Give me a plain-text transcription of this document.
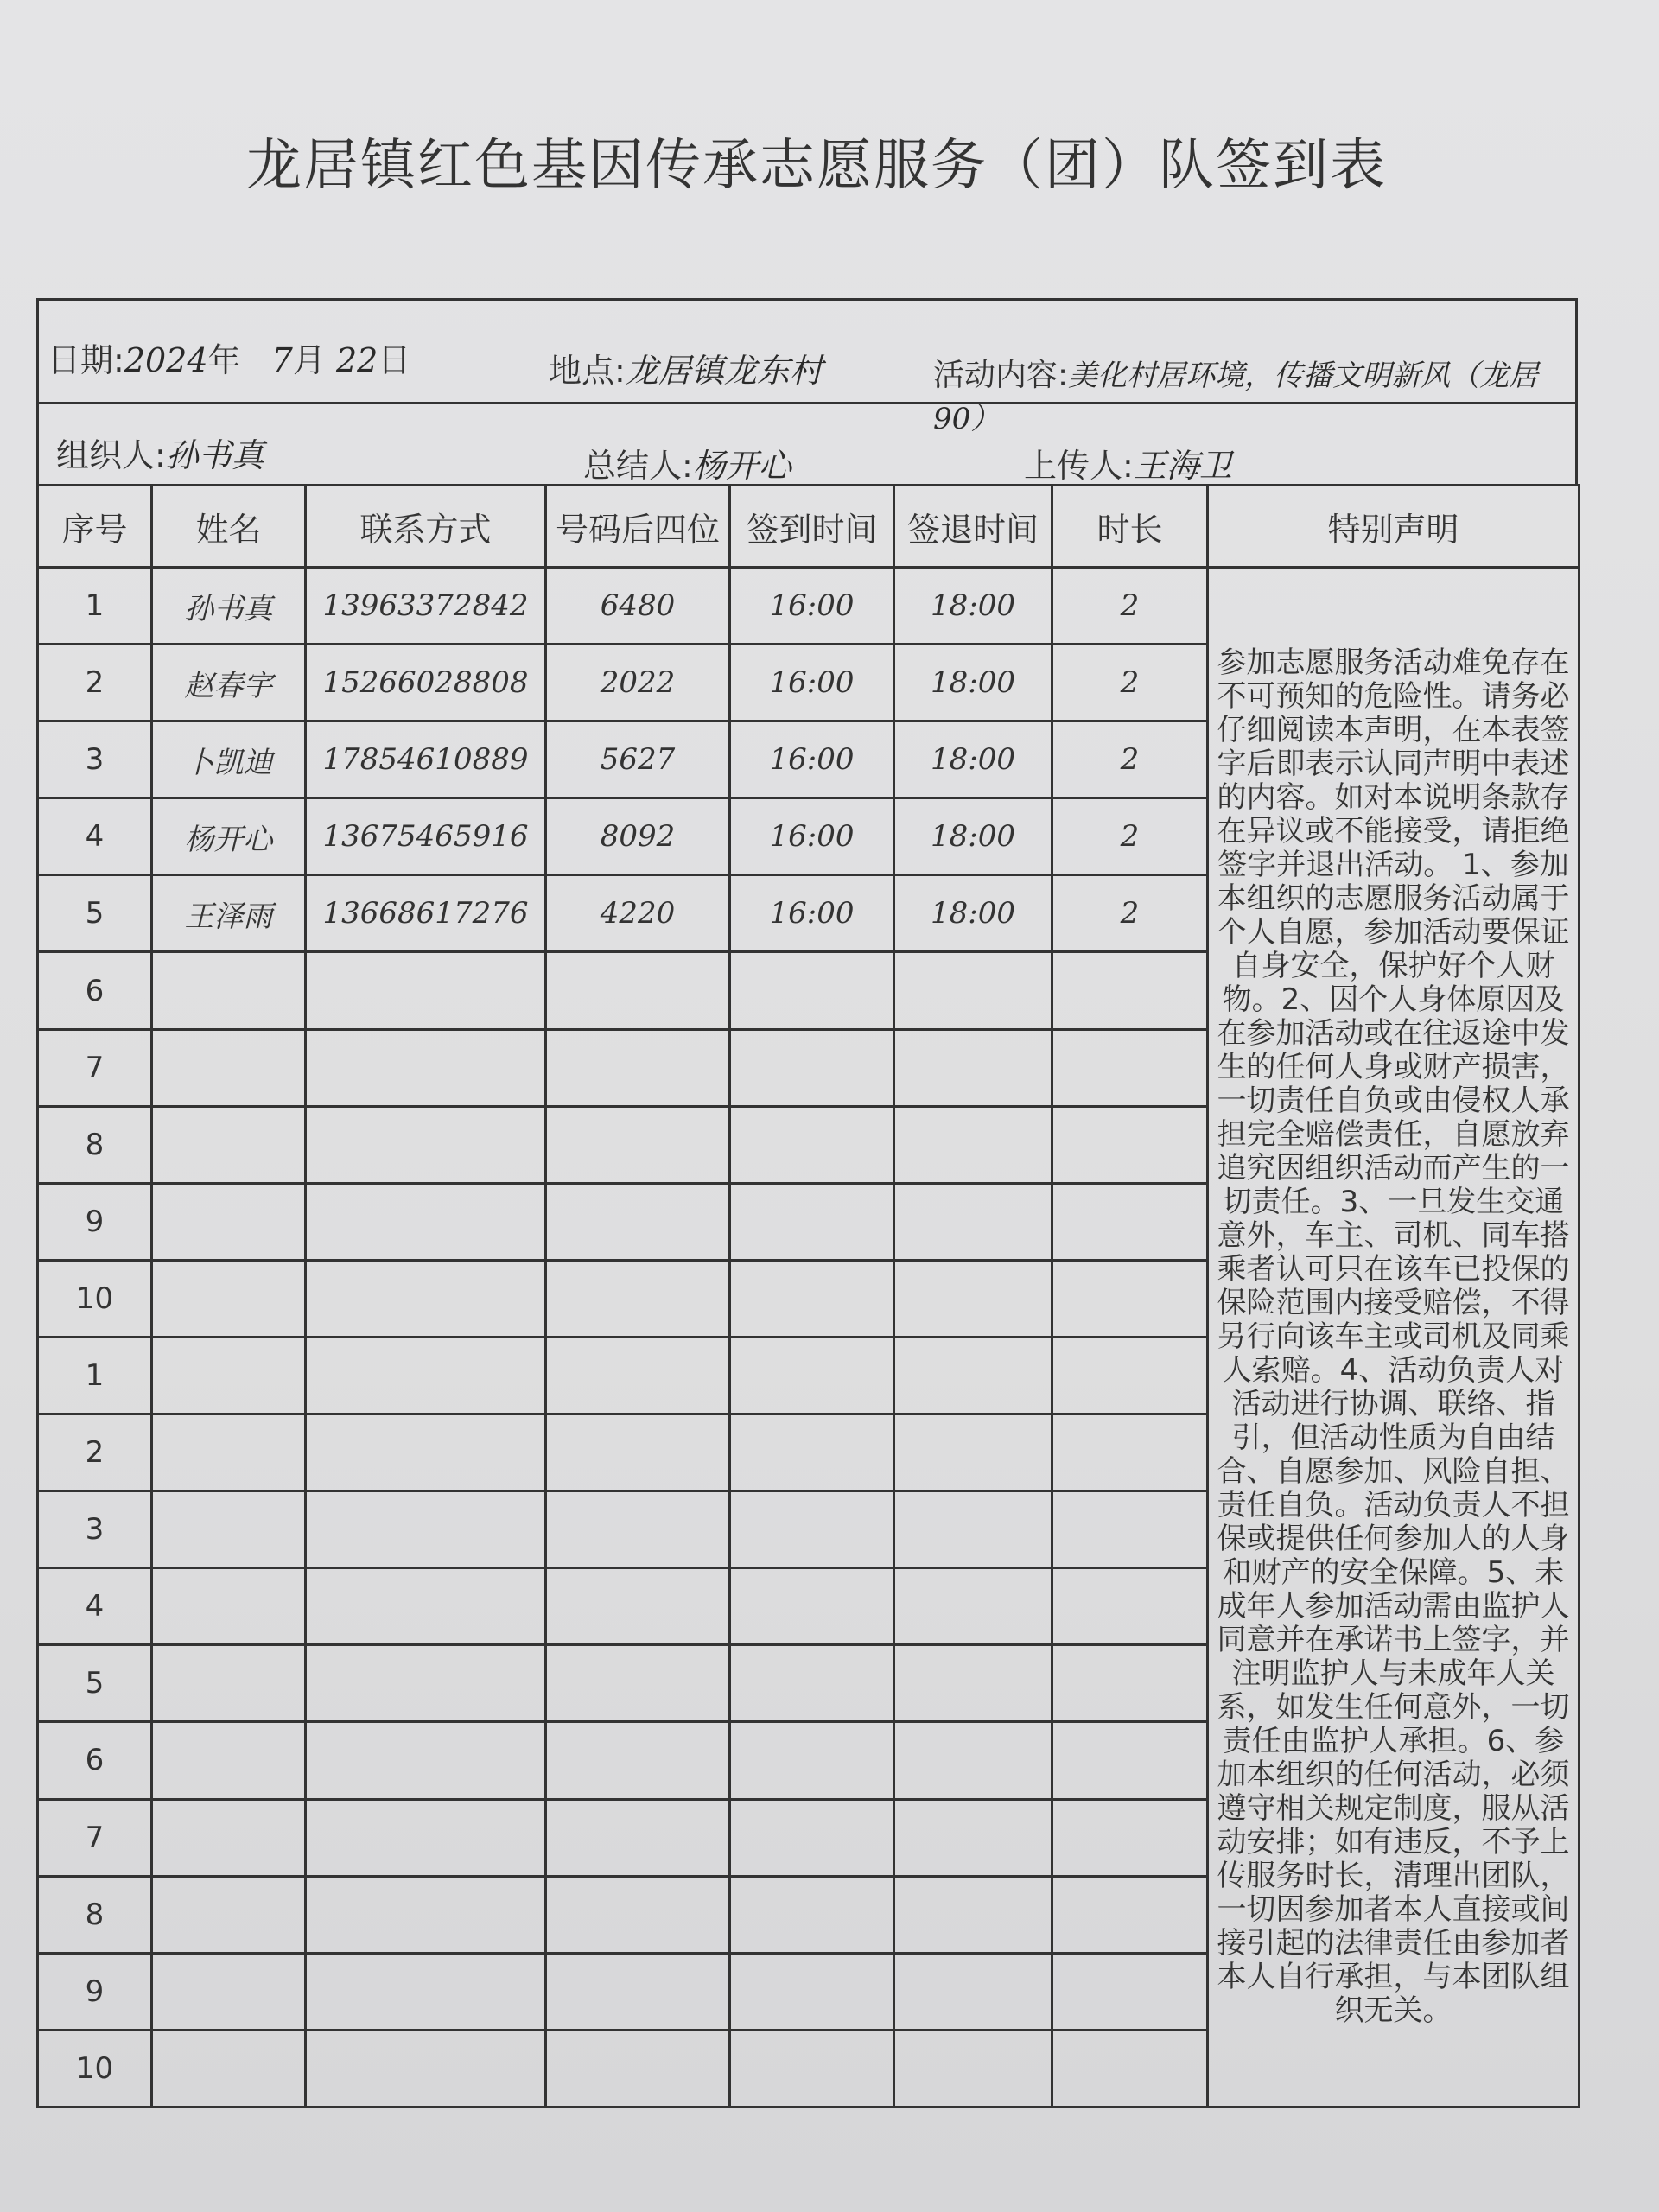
龙居镇红色基因传承志愿服务（团）队签到表
日期:2024年 7月 22日	地点:龙居镇龙东村	活动内容:美化村居环境，传播文明新风（龙居90）
组织人:孙书真	总结人:杨开心	上传人:王海卫
序号	姓名	联系方式	号码后四位	签到时间	签退时间	时长	特别声明
1	孙书真	13963372842	6480	16:00	18:00	2	参加志愿服务活动难免存在不可预知的危险性。请务必仔细阅读本声明，在本表签字后即表示认同声明中表述的内容。如对本说明条款存在异议或不能接受，请拒绝签字并退出活动。 1、参加本组织的志愿服务活动属于个人自愿，参加活动要保证自身安全，保护好个人财物。2、因个人身体原因及在参加活动或在往返途中发生的任何人身或财产损害，一切责任自负或由侵权人承担完全赔偿责任，自愿放弃追究因组织活动而产生的一切责任。3、一旦发生交通意外，车主、司机、同车搭乘者认可只在该车已投保的保险范围内接受赔偿，不得另行向该车主或司机及同乘人索赔。4、活动负责人对活动进行协调、联络、指引，但活动性质为自由结合、自愿参加、风险自担、责任自负。活动负责人不担保或提供任何参加人的人身和财产的安全保障。5、未成年人参加活动需由监护人同意并在承诺书上签字，并注明监护人与未成年人关系，如发生任何意外，一切责任由监护人承担。6、参加本组织的任何活动，必须遵守相关规定制度，服从活动安排；如有违反，不予上传服务时长，清理出团队，一切因参加者本人直接或间接引起的法律责任由参加者本人自行承担，与本团队组织无关。
2	赵春宇	15266028808	2022	16:00	18:00	2	
3	卜凯迪	17854610889	5627	16:00	18:00	2	
4	杨开心	13675465916	8092	16:00	18:00	2	
5	王泽雨	13668617276	4220	16:00	18:00	2	
6							
7							
8							
9							
10							
1							
2							
3							
4							
5							
6							
7							
8							
9							
10							
